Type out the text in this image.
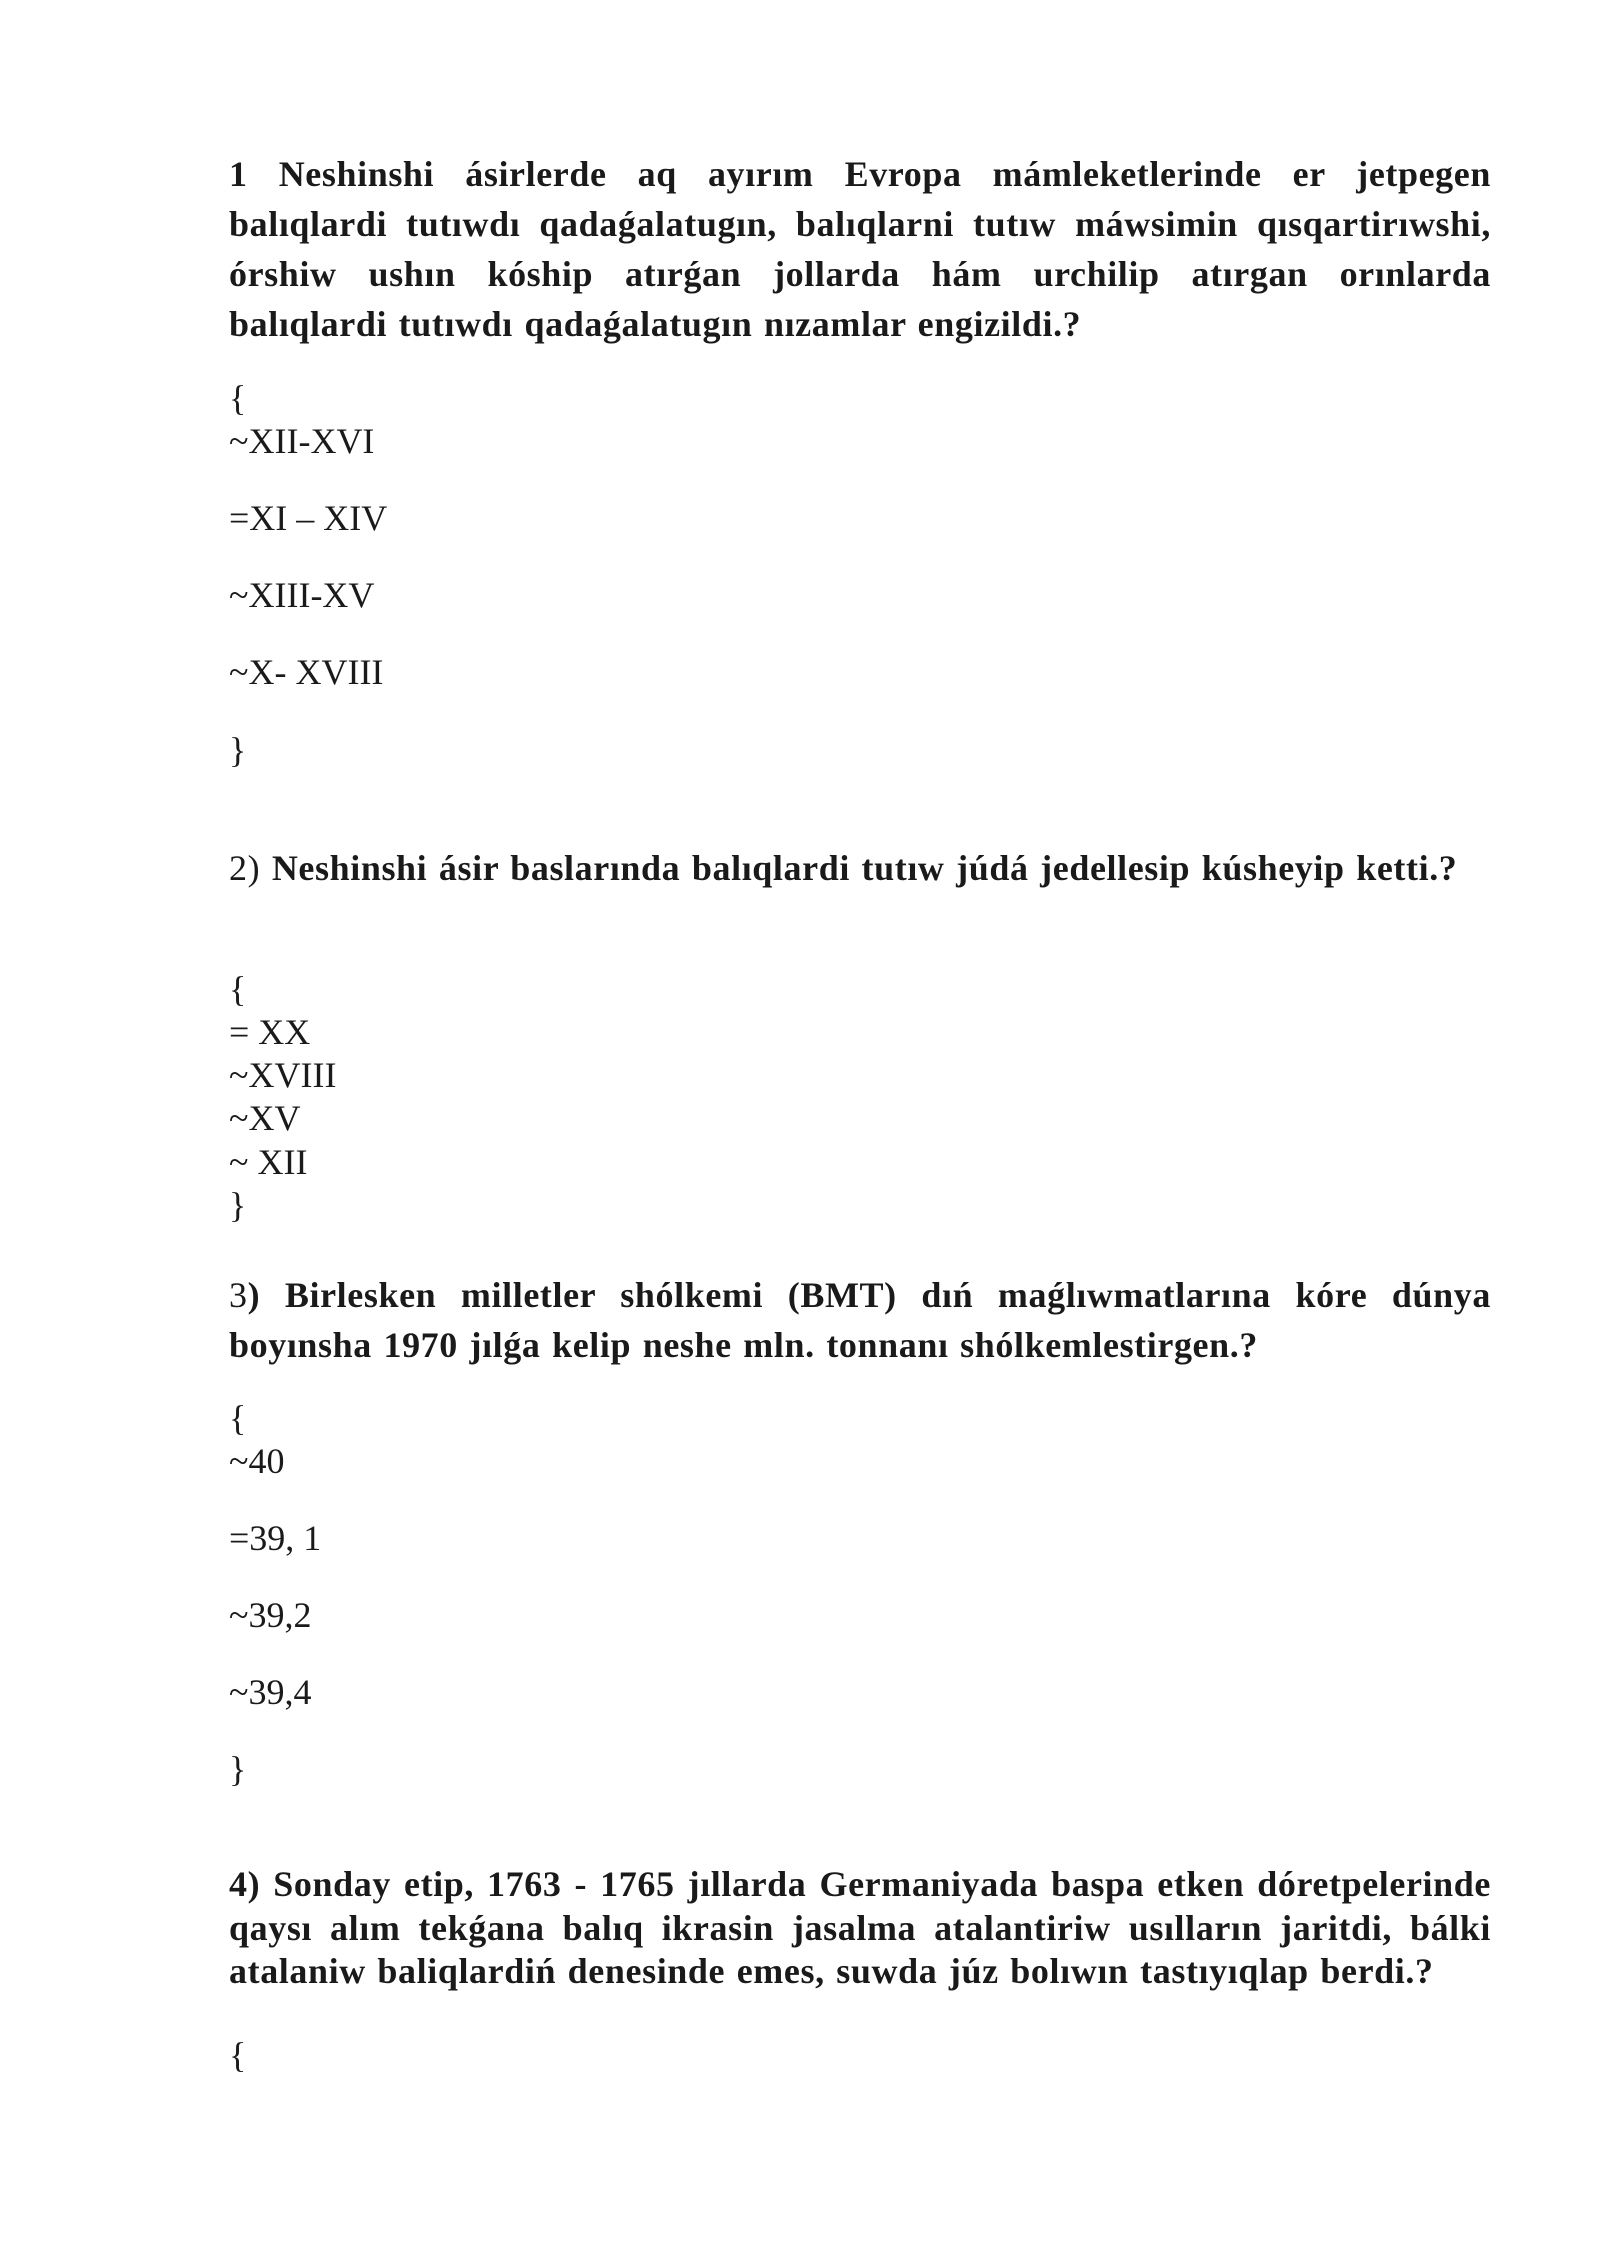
1 Neshinshi ásirlerde aq ayırım Evropa mámleketlerinde er jetpegen balıqlardi tutıwdı qadaǵalatugın, balıqlarni tutıw máwsimin qısqartirıwshi, órshiw ushın kóship atırǵan jollarda hám urchilip atırgan orınlarda balıqlardi tutıwdı qadaǵalatugın nızamlar engizildi.?
{
~XII-XVI
=XI – XIV
~XIII-XV
~X- XVIII
}
2) Neshinshi ásir baslarında balıqlardi tutıw júdá jedellesip kúsheyip ketti.?
{
= XX
~XVIII
~XV
~ XII
}
3) Birlesken milletler shólkemi (BMT) dıń maǵlıwmatlarına kóre dúnya boyınsha 1970 jılǵa kelip neshe mln. tonnanı shólkemlestirgen.?
{
~40
=39, 1
~39,2
~39,4
}
4) Sonday etip, 1763 - 1765 jıllarda Germaniyada baspa etken dóretpelerinde qaysı alım tekǵana balıq ikrasin jasalma atalantiriw usılların jaritdi, bálki atalaniw baliqlardiń denesinde emes, suwda júz bolıwın tastıyıqlap berdi.?
{
